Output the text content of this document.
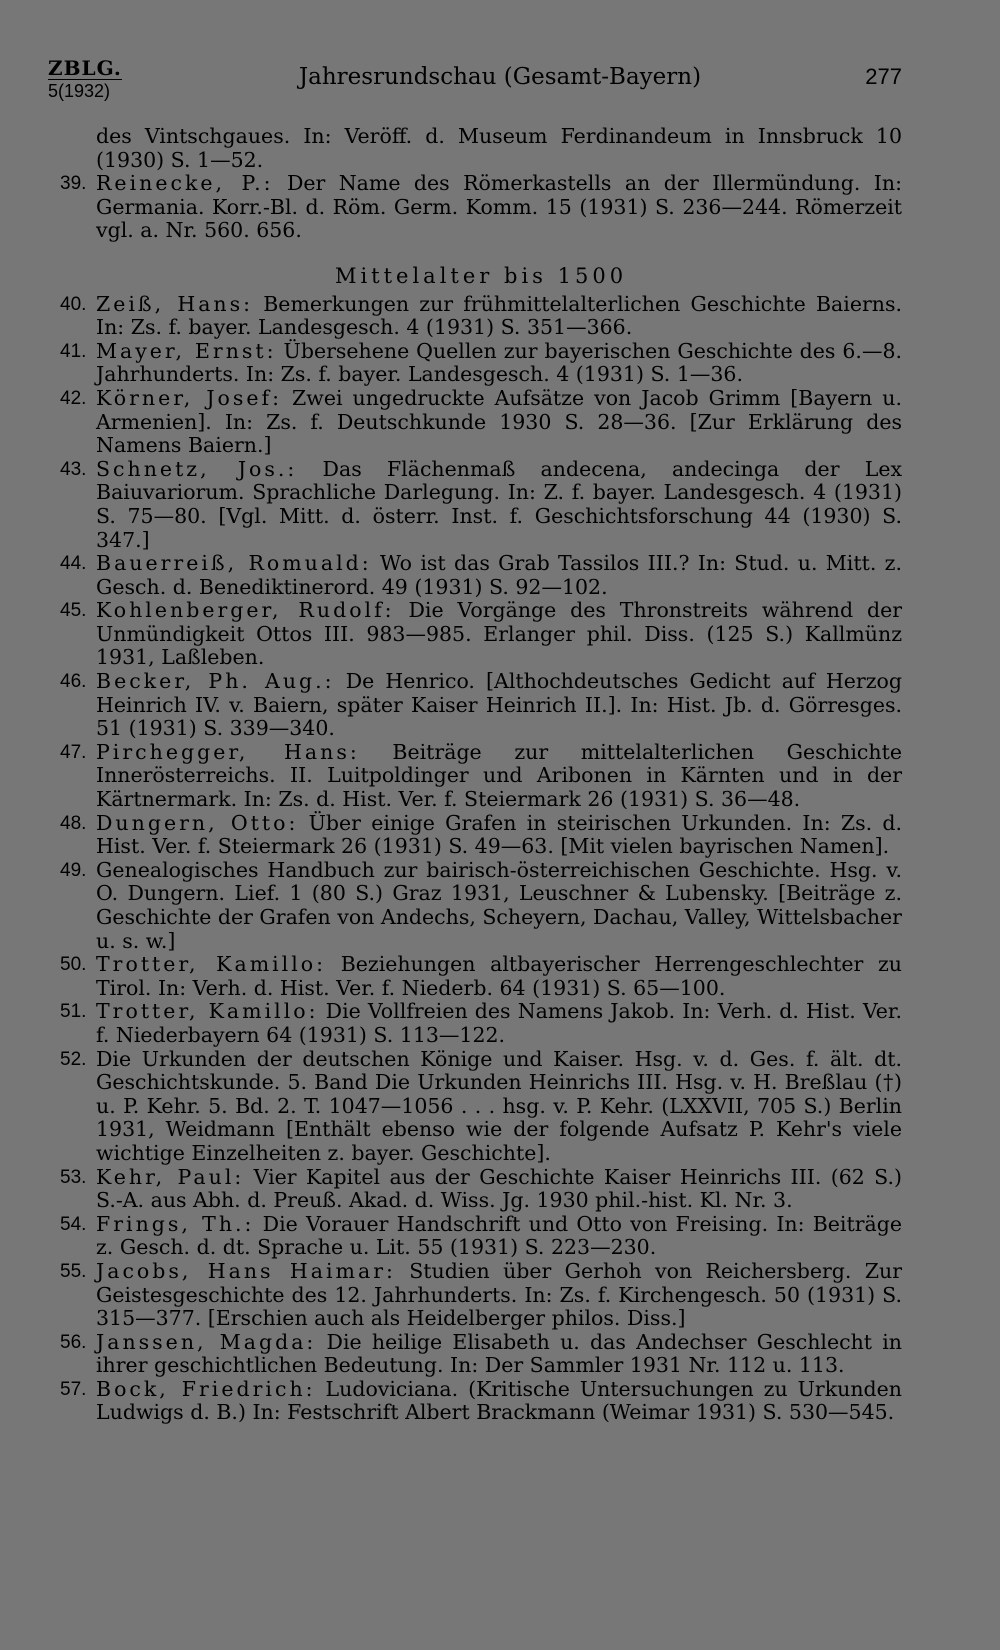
ZBLG.
5(1932)
Jahresrundschau (Gesamt-Bayern)	277
des Vintschgaues. In: Veröff. d. Museum Ferdinandeum in Innsbruck 10 (1930) S. 1—52.
39. Reinecke, P.: Der Name des Römerkastells an der Illermündung. In: Germania. Korr.-Bl. d. Röm. Germ. Komm. 15 (1931) S. 236—244. Römerzeit vgl. a. Nr. 560. 656.
Mittelalter bis 1500
40. Zeiß, Hans: Bemerkungen zur frühmittelalterlichen Geschichte Baierns. In: Zs. f. bayer. Landesgesch. 4 (1931) S. 351—366.
41. Mayer, Ernst: Übersehene Quellen zur bayerischen Geschichte des 6.—8. Jahrhunderts. In: Zs. f. bayer. Landesgesch. 4 (1931) S. 1—36.
42. Körner, Josef: Zwei ungedruckte Aufsätze von Jacob Grimm [Bayern u. Armenien]. In: Zs. f. Deutschkunde 1930 S. 28—36. [Zur Erklärung des Namens Baiern.]
43. Schnetz, Jos.: Das Flächenmaß andecena, andecinga der Lex Baiuvariorum. Sprachliche Darlegung. In: Z. f. bayer. Landesgesch. 4 (1931) S. 75—80. [Vgl. Mitt. d. österr. Inst. f. Geschichtsforschung 44 (1930) S. 347.]
44. Bauerreiß, Romuald: Wo ist das Grab Tassilos III.? In: Stud. u. Mitt. z. Gesch. d. Benediktinerord. 49 (1931) S. 92—102.
45. Kohlenberger, Rudolf: Die Vorgänge des Thronstreits während der Unmündigkeit Ottos III. 983—985. Erlanger phil. Diss. (125 S.) Kallmünz 1931, Laßleben.
46. Becker, Ph. Aug.: De Henrico. [Althochdeutsches Gedicht auf Herzog Heinrich IV. v. Baiern, später Kaiser Heinrich II.]. In: Hist. Jb. d. Görresges. 51 (1931) S. 339—340.
47. Pirchegger, Hans: Beiträge zur mittelalterlichen Geschichte Innerösterreichs. II. Luitpoldinger und Aribonen in Kärnten und in der Kärtnermark. In: Zs. d. Hist. Ver. f. Steiermark 26 (1931) S. 36—48.
48. Dungern, Otto: Über einige Grafen in steirischen Urkunden. In: Zs. d. Hist. Ver. f. Steiermark 26 (1931) S. 49—63. [Mit vielen bayrischen Namen].
49. Genealogisches Handbuch zur bairisch-österreichischen Geschichte. Hsg. v. O. Dungern. Lief. 1 (80 S.) Graz 1931, Leuschner & Lubensky. [Beiträge z. Geschichte der Grafen von Andechs, Scheyern, Dachau, Valley, Wittelsbacher u. s. w.]
50. Trotter, Kamillo: Beziehungen altbayerischer Herrengeschlechter zu Tirol. In: Verh. d. Hist. Ver. f. Niederb. 64 (1931) S. 65—100.
51. Trotter, Kamillo: Die Vollfreien des Namens Jakob. In: Verh. d. Hist. Ver. f. Niederbayern 64 (1931) S. 113—122.
52. Die Urkunden der deutschen Könige und Kaiser. Hsg. v. d. Ges. f. ält. dt. Geschichtskunde. 5. Band Die Urkunden Heinrichs III. Hsg. v. H. Breßlau (†) u. P. Kehr. 5. Bd. 2. T. 1047—1056 . . . hsg. v. P. Kehr. (LXXVII, 705 S.) Berlin 1931, Weidmann [Enthält ebenso wie der folgende Aufsatz P. Kehr's viele wichtige Einzelheiten z. bayer. Geschichte].
53. Kehr, Paul: Vier Kapitel aus der Geschichte Kaiser Heinrichs III. (62 S.) S.-A. aus Abh. d. Preuß. Akad. d. Wiss. Jg. 1930 phil.-hist. Kl. Nr. 3.
54. Frings, Th.: Die Vorauer Handschrift und Otto von Freising. In: Beiträge z. Gesch. d. dt. Sprache u. Lit. 55 (1931) S. 223—230.
55. Jacobs, Hans Haimar: Studien über Gerhoh von Reichersberg. Zur Geistesgeschichte des 12. Jahrhunderts. In: Zs. f. Kirchengesch. 50 (1931) S. 315—377. [Erschien auch als Heidelberger philos. Diss.]
56. Janssen, Magda: Die heilige Elisabeth u. das Andechser Geschlecht in ihrer geschichtlichen Bedeutung. In: Der Sammler 1931 Nr. 112 u. 113.
57. Bock, Friedrich: Ludoviciana. (Kritische Untersuchungen zu Urkunden Ludwigs d. B.) In: Festschrift Albert Brackmann (Weimar 1931) S. 530—545.
